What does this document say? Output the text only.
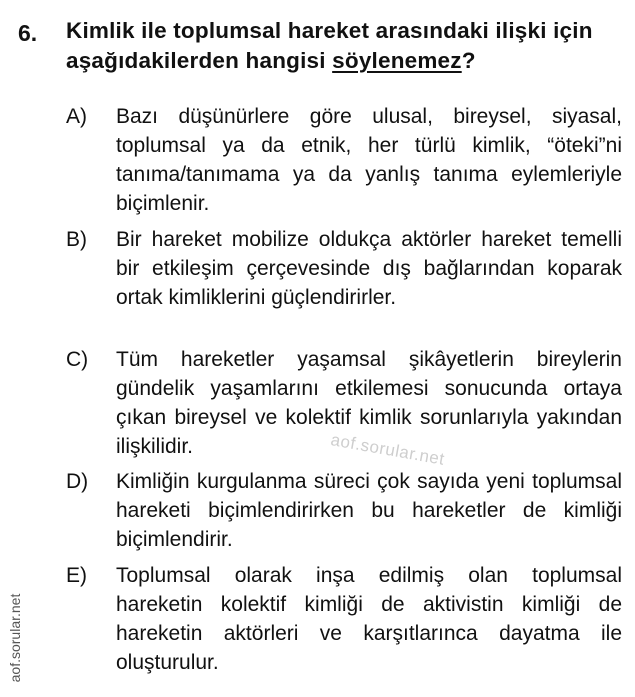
6. Kimlik ile toplumsal hareket arasındaki ilişki için aşağıdakilerden hangisi söylenemez?
A) Bazı düşünürlere göre ulusal, bireysel, siyasal, toplumsal ya da etnik, her türlü kimlik, “öteki”ni tanıma/tanımama ya da yanlış tanıma eylemleriyle biçimlenir.
B) Bir hareket mobilize oldukça aktörler hareket temelli bir etkileşim çerçevesinde dış bağlarından koparak ortak kimliklerini güçlendirirler.
C) Tüm hareketler yaşamsal şikâyetlerin bireylerin gündelik yaşamlarını etkilemesi sonucunda ortaya çıkan bireysel ve kolektif kimlik sorunlarıyla yakından ilişkilidir.
D) Kimliğin kurgulanma süreci çok sayıda yeni toplumsal hareketi biçimlendirirken bu hareketler de kimliği biçimlendirir.
E) Toplumsal olarak inşa edilmiş olan toplumsal hareketin kolektif kimliği de aktivistin kimliği de hareketin aktörleri ve karşıtlarınca dayatma ile oluşturulur.
aof.sorular.net
aof.sorular.net
